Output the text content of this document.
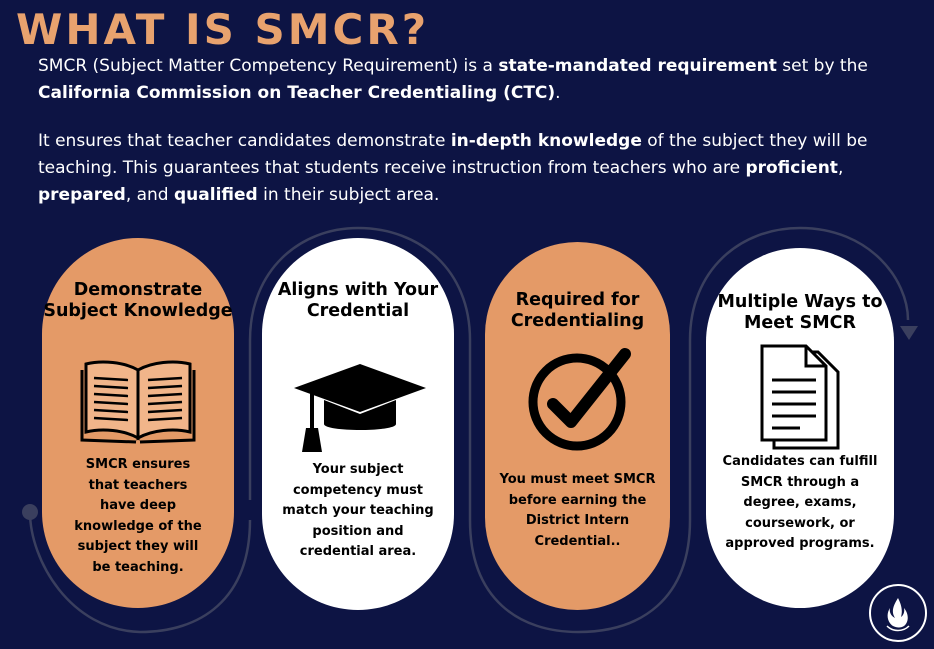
WHAT IS SMCR?

SMCR (Subject Matter Competency Requirement) is a state-mandated requirement set by the California Commission on Teacher Credentialing (CTC).

It ensures that teacher candidates demonstrate in-depth knowledge of the subject they will be teaching. This guarantees that students receive instruction from teachers who are proficient, prepared, and qualified in their subject area.

Demonstrate Subject Knowledge

SMCR ensures that teachers have deep knowledge of the subject they will be teaching.

Aligns with Your Credential

Your subject competency must match your teaching position and credential area.

Required for Credentialing

You must meet SMCR before earning the District Intern Credential..

Multiple Ways to Meet SMCR

Candidates can fulfill SMCR through a degree, exams, coursework, or approved programs.
